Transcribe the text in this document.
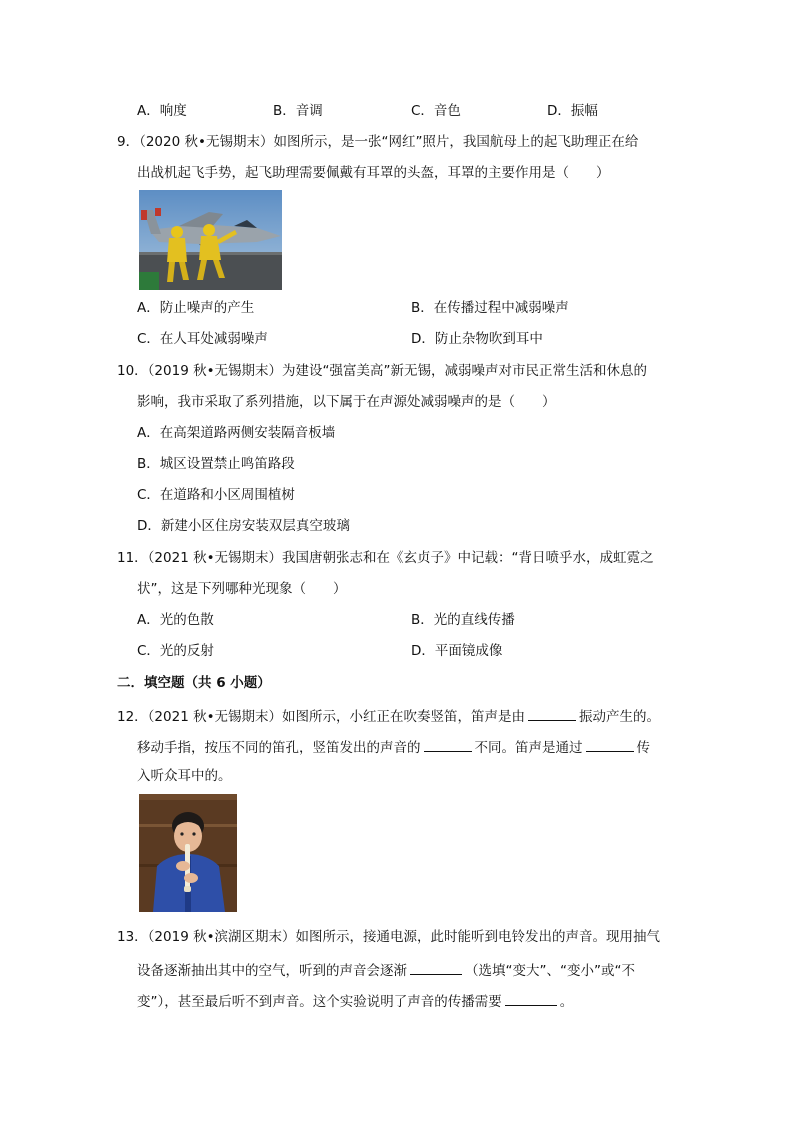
A．响度	B．音调	C．音色	D．振幅
9．（2020 秋•无锡期末）如图所示，是一张“网红”照片，我国航母上的起飞助理正在给
出战机起飞手势，起飞助理需要佩戴有耳罩的头盔，耳罩的主要作用是（　　）
A．防止噪声的产生	B．在传播过程中减弱噪声
C．在人耳处减弱噪声	D．防止杂物吹到耳中
10．（2019 秋•无锡期末）为建设“强富美高”新无锡，减弱噪声对市民正常生活和休息的
影响，我市采取了系列措施，以下属于在声源处减弱噪声的是（　　）
A．在高架道路两侧安装隔音板墙
B．城区设置禁止鸣笛路段
C．在道路和小区周围植树
D．新建小区住房安装双层真空玻璃
11．（2021 秋•无锡期末）我国唐朝张志和在《玄贞子》中记载：“背日喷乎水，成虹霓之
状”，这是下列哪种光现象（　　）
A．光的色散	B．光的直线传播
C．光的反射	D．平面镜成像
二．填空题（共 6 小题）
12．（2021 秋•无锡期末）如图所示，小红正在吹奏竖笛，笛声是由	振动产生的。
移动手指，按压不同的笛孔，竖笛发出的声音的	不同。笛声是通过	传
入听众耳中的。
13．（2019 秋•滨湖区期末）如图所示，接通电源，此时能听到电铃发出的声音。现用抽气
设备逐渐抽出其中的空气，听到的声音会逐渐	（选填“变大”、“变小”或“不
变”），甚至最后听不到声音。这个实验说明了声音的传播需要	。
